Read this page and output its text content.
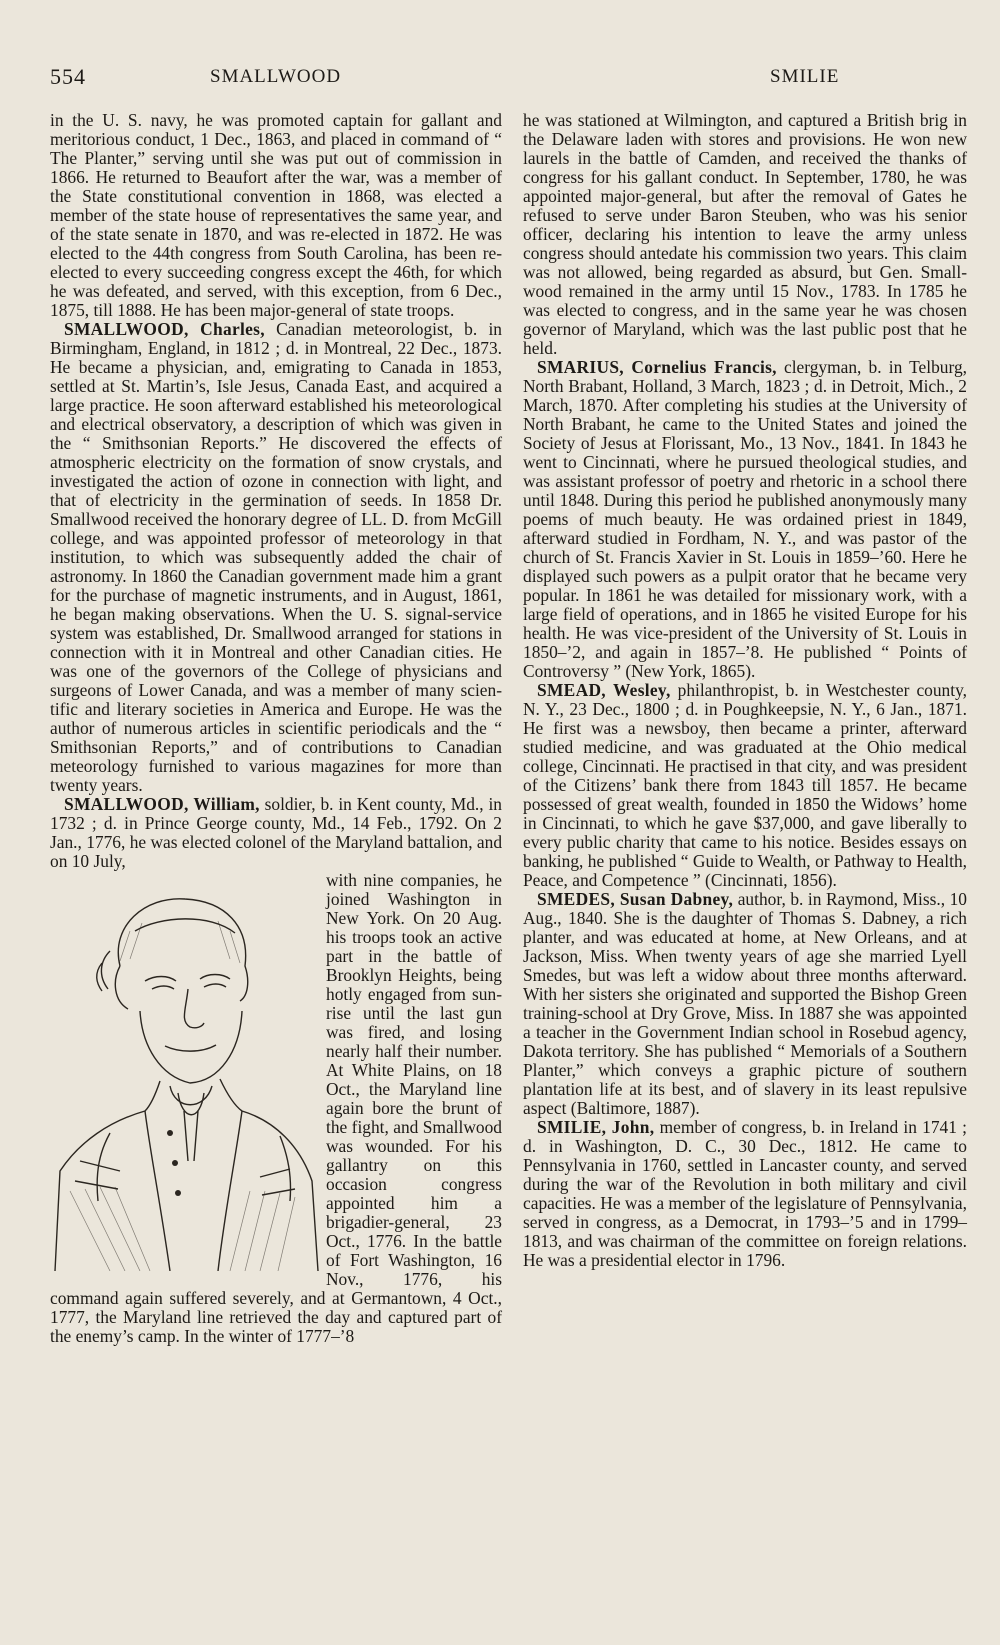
554	SMALLWOOD	SMILIE

in the U. S. navy, he was promoted captain for gallant and meritorious conduct, 1 Dec., 1863, and placed in command of “ The Planter,” serving until she was put out of commission in 1866. He returned to Beaufort after the war, was a member of the State constitutional convention in 1868, was elected a member of the state house of representatives the same year, and of the state senate in 1870, and was re-elected in 1872. He was elected to the 44th congress from South Carolina, has been re-elected to every succeeding congress except the 46th, for which he was defeated, and served, with this exception, from 6 Dec., 1875, till 1888. He has been major-general of state troops.

SMALLWOOD, Charles, Canadian meteorologist, b. in Birmingham, England, in 1812 ; d. in Montreal, 22 Dec., 1873. He became a physician, and, emigrating to Canada in 1853, settled at St. Martin’s, Isle Jesus, Canada East, and acquired a large practice. He soon afterward established his meteorological and electrical observatory, a description of which was given in the “ Smithsonian Reports.” He discovered the effects of atmospheric electricity on the formation of snow crystals, and investigated the action of ozone in connection with light, and that of electricity in the germination of seeds. In 1858 Dr. Smallwood received the honorary degree of LL. D. from McGill college, and was appointed professor of meteorology in that institution, to which was subsequently added the chair of astronomy. In 1860 the Canadian government made him a grant for the purchase of magnetic instruments, and in August, 1861, he began making observations. When the U. S. signal-service system was established, Dr. Smallwood arranged for stations in connection with it in Montreal and other Canadian cities. He was one of the governors of the College of physicians and surgeons of Lower Canada, and was a member of many scientific and literary societies in America and Europe. He was the author of numerous articles in scientific periodicals and the “ Smithsonian Reports,” and of contributions to Canadian meteorology furnished to various magazines for more than twenty years.

SMALLWOOD, William, soldier, b. in Kent county, Md., in 1732 ; d. in Prince George county, Md., 14 Feb., 1792. On 2 Jan., 1776, he was elected colonel of the Maryland battalion, and on 10 July,

with nine companies, he joined Washington in New York. On 20 Aug. his troops took an active part in the battle of Brooklyn Heights, being hotly engaged from sunrise until the last gun was fired, and losing nearly half their number. At White Plains, on 18 Oct., the Maryland line again bore the brunt of the fight, and Smallwood was wounded. For his gallantry on this occasion congress appointed him a brigadier-general, 23 Oct., 1776. In the battle of Fort Washington, 16 Nov., 1776, his command again suffered severely, and at Germantown, 4 Oct., 1777, the Maryland line retrieved the day and captured part of the enemy’s camp. In the winter of 1777–’8

he was stationed at Wilmington, and captured a British brig in the Delaware laden with stores and provisions. He won new laurels in the battle of Camden, and received the thanks of congress for his gallant conduct. In September, 1780, he was appointed major-general, but after the removal of Gates he refused to serve under Baron Steuben, who was his senior officer, declaring his intention to leave the army unless congress should antedate his commission two years. This claim was not allowed, being regarded as absurd, but Gen. Smallwood remained in the army until 15 Nov., 1783. In 1785 he was elected to congress, and in the same year he was chosen governor of Maryland, which was the last public post that he held.

SMARIUS, Cornelius Francis, clergyman, b. in Telburg, North Brabant, Holland, 3 March, 1823 ; d. in Detroit, Mich., 2 March, 1870. After completing his studies at the University of North Brabant, he came to the United States and joined the Society of Jesus at Florissant, Mo., 13 Nov., 1841. In 1843 he went to Cincinnati, where he pursued theological studies, and was assistant professor of poetry and rhetoric in a school there until 1848. During this period he published anonymously many poems of much beauty. He was ordained priest in 1849, afterward studied in Fordham, N. Y., and was pastor of the church of St. Francis Xavier in St. Louis in 1859–’60. Here he displayed such powers as a pulpit orator that he became very popular. In 1861 he was detailed for missionary work, with a large field of operations, and in 1865 he visited Europe for his health. He was vice-president of the University of St. Louis in 1850–’2, and again in 1857–’8. He published “ Points of Controversy ” (New York, 1865).

SMEAD, Wesley, philanthropist, b. in Westchester county, N. Y., 23 Dec., 1800 ; d. in Poughkeepsie, N. Y., 6 Jan., 1871. He first was a newsboy, then became a printer, afterward studied medicine, and was graduated at the Ohio medical college, Cincinnati. He practised in that city, and was president of the Citizens’ bank there from 1843 till 1857. He became possessed of great wealth, founded in 1850 the Widows’ home in Cincinnati, to which he gave $37,000, and gave liberally to every public charity that came to his notice. Besides essays on banking, he published “ Guide to Wealth, or Pathway to Health, Peace, and Competence ” (Cincinnati, 1856).

SMEDES, Susan Dabney, author, b. in Raymond, Miss., 10 Aug., 1840. She is the daughter of Thomas S. Dabney, a rich planter, and was educated at home, at New Orleans, and at Jackson, Miss. When twenty years of age she married Lyell Smedes, but was left a widow about three months afterward. With her sisters she originated and supported the Bishop Green training-school at Dry Grove, Miss. In 1887 she was appointed a teacher in the Government Indian school in Rosebud agency, Dakota territory. She has published “ Memorials of a Southern Planter,” which conveys a graphic picture of southern plantation life at its best, and of slavery in its least repulsive aspect (Baltimore, 1887).

SMILIE, John, member of congress, b. in Ireland in 1741 ; d. in Washington, D. C., 30 Dec., 1812. He came to Pennsylvania in 1760, settled in Lancaster county, and served during the war of the Revolution in both military and civil capacities. He was a member of the legislature of Pennsylvania, served in congress, as a Democrat, in 1793–’5 and in 1799–1813, and was chairman of the committee on foreign relations. He was a presidential elector in 1796.
